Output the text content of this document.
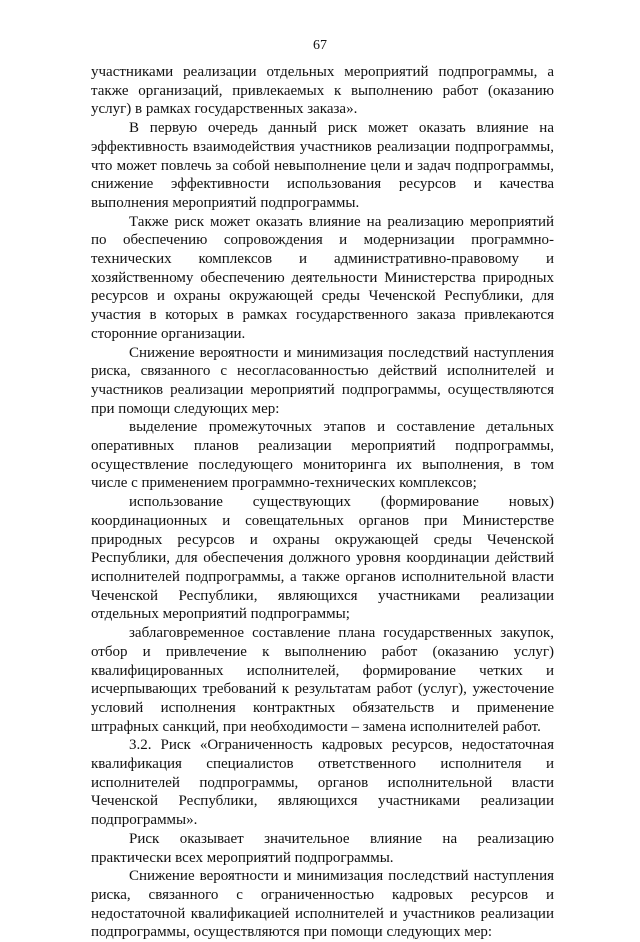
67

участниками реализации отдельных мероприятий подпрограммы, а также организаций, привлекаемых к выполнению работ (оказанию услуг) в рамках государственных заказа».

В первую очередь данный риск может оказать влияние на эффективность взаимодействия участников реализации подпрограммы, что может повлечь за собой невыполнение цели и задач подпрограммы, снижение эффективности использования ресурсов и качества выполнения мероприятий подпрограммы.

Также риск может оказать влияние на реализацию мероприятий по обеспечению сопровождения и модернизации программно-технических комплексов и административно-правовому и хозяйственному обеспечению деятельности Министерства природных ресурсов и охраны окружающей среды Чеченской Республики, для участия в которых в рамках государственного заказа привлекаются сторонние организации.

Снижение вероятности и минимизация последствий наступления риска, связанного с несогласованностью действий исполнителей и участников реализации мероприятий подпрограммы, осуществляются при помощи следующих мер:

выделение промежуточных этапов и составление детальных оперативных планов реализации мероприятий подпрограммы, осуществление последующего мониторинга их выполнения, в том числе с применением программно-технических комплексов;

использование существующих (формирование новых) координационных и совещательных органов при Министерстве природных ресурсов и охраны окружающей среды Чеченской Республики, для обеспечения должного уровня координации действий исполнителей подпрограммы, а также органов исполнительной власти Чеченской Республики, являющихся участниками реализации отдельных мероприятий подпрограммы;

заблаговременное составление плана государственных закупок, отбор и привлечение к выполнению работ (оказанию услуг) квалифицированных исполнителей, формирование четких и исчерпывающих требований к результатам работ (услуг), ужесточение условий исполнения контрактных обязательств и применение штрафных санкций, при необходимости – замена исполнителей работ.

3.2. Риск «Ограниченность кадровых ресурсов, недостаточная квалификация специалистов ответственного исполнителя и исполнителей подпрограммы, органов исполнительной власти Чеченской Республики, являющихся участниками реализации подпрограммы».

Риск оказывает значительное влияние на реализацию практически всех мероприятий подпрограммы.

Снижение вероятности и минимизация последствий наступления риска, связанного с ограниченностью кадровых ресурсов и недостаточной квалификацией исполнителей и участников реализации подпрограммы, осуществляются при помощи следующих мер:
